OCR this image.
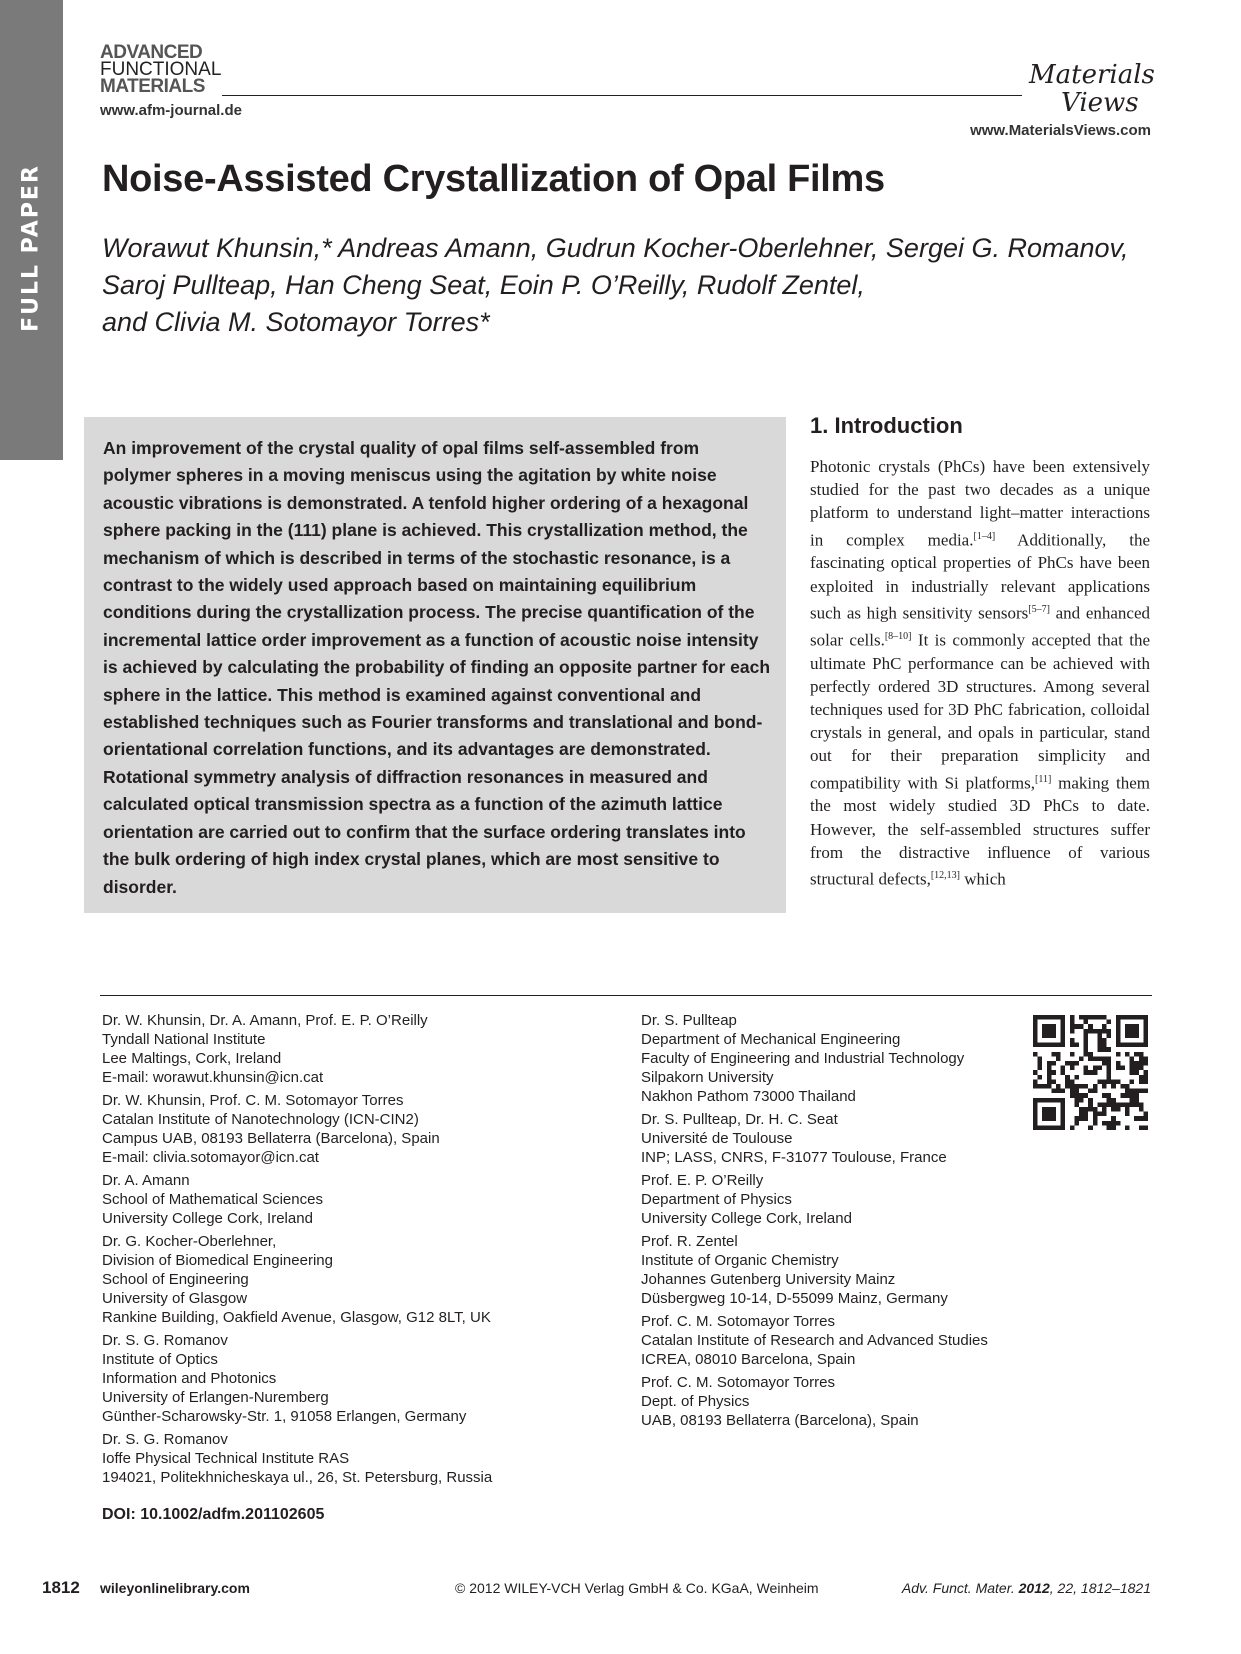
FULL PAPER
ADVANCED
FUNCTIONAL
MATERIALS
www.afm-journal.de
Materials
Views
www.MaterialsViews.com
Noise-Assisted Crystallization of Opal Films
Worawut Khunsin,* Andreas Amann, Gudrun Kocher-Oberlehner, Sergei G. Romanov,
Saroj Pullteap, Han Cheng Seat, Eoin P. O’Reilly, Rudolf Zentel,
and Clivia M. Sotomayor Torres*
An improvement of the crystal quality of opal films self-assembled from polymer spheres in a moving meniscus using the agitation by white noise acoustic vibrations is demonstrated. A tenfold higher ordering of a hexagonal sphere packing in the (111) plane is achieved. This crystallization method, the mechanism of which is described in terms of the stochastic resonance, is a contrast to the widely used approach based on maintaining equilibrium conditions during the crystallization process. The precise quantification of the incremental lattice order improvement as a function of acoustic noise intensity is achieved by calculating the probability of finding an opposite partner for each sphere in the lattice. This method is examined against conventional and established techniques such as Fourier transforms and translational and bond-orientational correlation functions, and its advantages are demonstrated. Rotational symmetry analysis of diffraction resonances in measured and calculated optical transmission spectra as a function of the azimuth lattice orientation are carried out to confirm that the surface ordering translates into the bulk ordering of high index crystal planes, which are most sensitive to disorder.
1. Introduction
Photonic crystals (PhCs) have been extensively studied for the past two decades as a unique platform to understand light–matter interactions in complex media.[1–4] Additionally, the fascinating optical properties of PhCs have been exploited in industrially relevant applications such as high sensitivity sensors[5–7] and enhanced solar cells.[8–10] It is commonly accepted that the ultimate PhC performance can be achieved with perfectly ordered 3D structures. Among several techniques used for 3D PhC fabrication, colloidal crystals in general, and opals in particular, stand out for their preparation simplicity and compatibility with Si platforms,[11] making them the most widely studied 3D PhCs to date. However, the self-assembled structures suffer from the distractive influence of various structural defects,[12,13] which
Dr. W. Khunsin, Dr. A. Amann, Prof. E. P. O’Reilly
Tyndall National Institute
Lee Maltings, Cork, Ireland
E-mail: worawut.khunsin@icn.cat
Dr. W. Khunsin, Prof. C. M. Sotomayor Torres
Catalan Institute of Nanotechnology (ICN-CIN2)
Campus UAB, 08193 Bellaterra (Barcelona), Spain
E-mail: clivia.sotomayor@icn.cat
Dr. A. Amann
School of Mathematical Sciences
University College Cork, Ireland
Dr. G. Kocher-Oberlehner,
Division of Biomedical Engineering
School of Engineering
University of Glasgow
Rankine Building, Oakfield Avenue, Glasgow, G12 8LT, UK
Dr. S. G. Romanov
Institute of Optics
Information and Photonics
University of Erlangen-Nuremberg
Günther-Scharowsky-Str. 1, 91058 Erlangen, Germany
Dr. S. G. Romanov
Ioffe Physical Technical Institute RAS
194021, Politekhnicheskaya ul., 26, St. Petersburg, Russia
Dr. S. Pullteap
Department of Mechanical Engineering
Faculty of Engineering and Industrial Technology
Silpakorn University
Nakhon Pathom 73000 Thailand
Dr. S. Pullteap, Dr. H. C. Seat
Université de Toulouse
INP; LASS, CNRS, F-31077 Toulouse, France
Prof. E. P. O’Reilly
Department of Physics
University College Cork, Ireland
Prof. R. Zentel
Institute of Organic Chemistry
Johannes Gutenberg University Mainz
Düsbergweg 10-14, D-55099 Mainz, Germany
Prof. C. M. Sotomayor Torres
Catalan Institute of Research and Advanced Studies
ICREA, 08010 Barcelona, Spain
Prof. C. M. Sotomayor Torres
Dept. of Physics
UAB, 08193 Bellaterra (Barcelona), Spain
DOI: 10.1002/adfm.201102605
1812 wileyonlinelibrary.com	© 2012 WILEY-VCH Verlag GmbH & Co. KGaA, Weinheim	Adv. Funct. Mater. 2012, 22, 1812–1821
